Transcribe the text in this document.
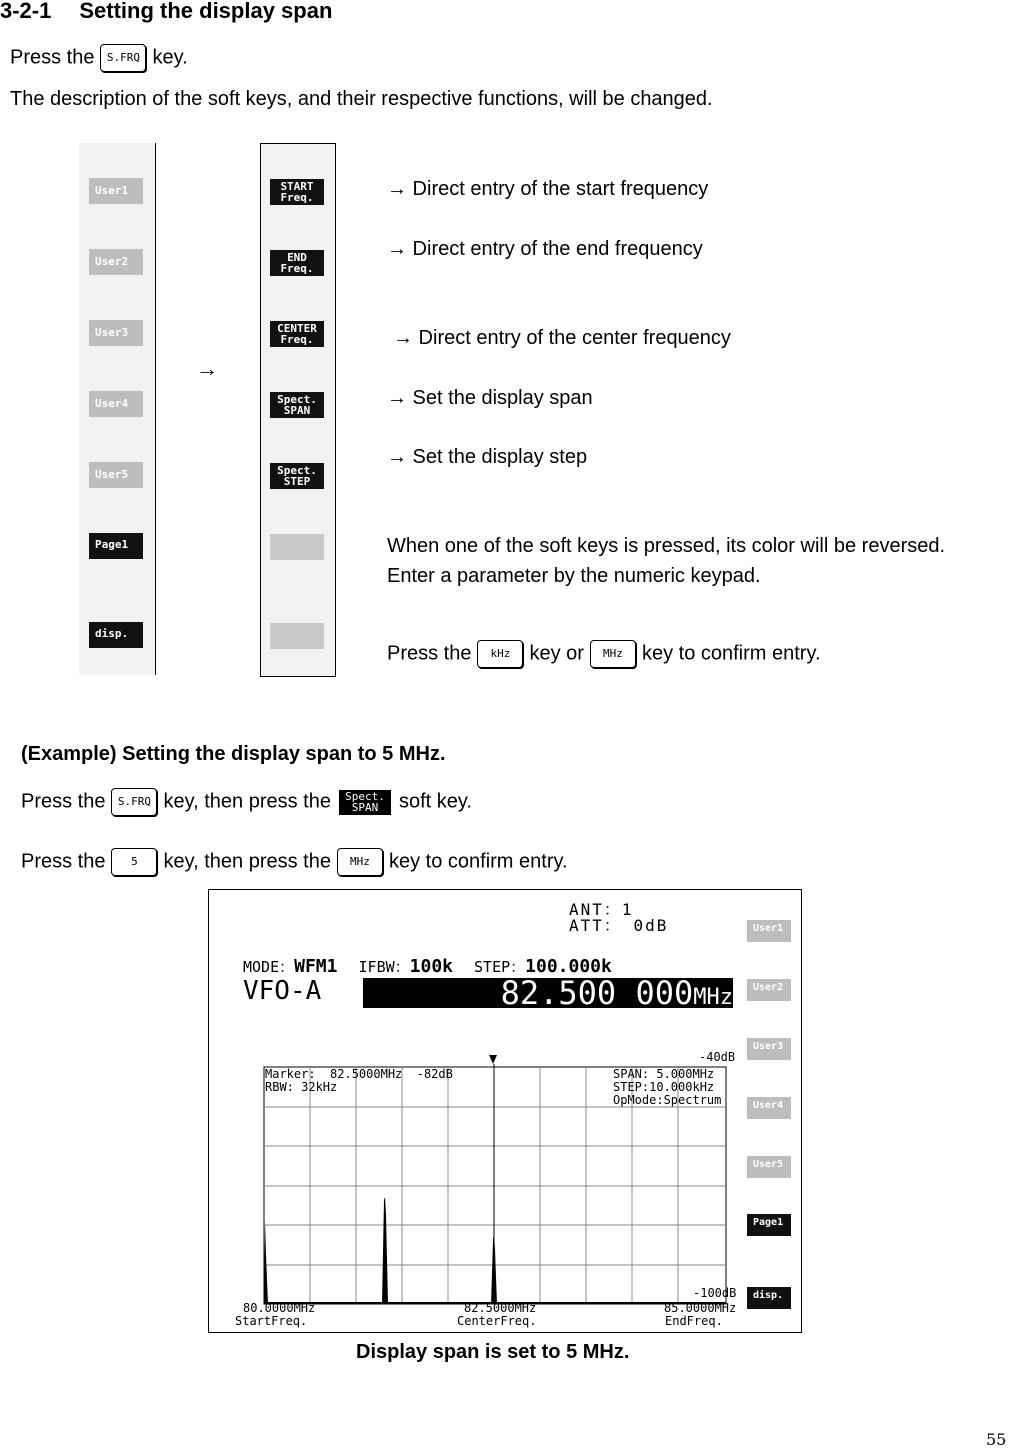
3-2-1 Setting the display span
Press the S.FRQ key.
The description of the soft keys, and their respective functions, will be changed.
User1
User2
User3
User4
User5
Page1
disp.
→
START
Freq.
END
Freq.
CENTER
Freq.
Spect.
SPAN
Spect.
STEP
→ Direct entry of the start frequency
→ Direct entry of the end frequency
→ Direct entry of the center frequency
→ Set the display span
→ Set the display step
When one of the soft keys is pressed, its color will be reversed.
Enter a parameter by the numeric keypad.
Press the kHz key or MHz key to confirm entry.
(Example) Setting the display span to 5 MHz.
Press the S.FRQ key, then press the Spect.
SPAN soft key.
Press the 5 key, then press the MHz key to confirm entry.
ANT：1
ATT： 0dB
MODE：WFM1 IFBW：100k STEP：100.000k
VFO-A	82.500 000MHz
-40dB
Marker:  82.5000MHz  -82dB
RBW: 32kHz
SPAN: 5.000MHz
STEP:10.000kHz
OpMode:Spectrum
-100dB
80.0000MHz
StartFreq.
82.5000MHz
CenterFreq.
85.0000MHz
EndFreq.
User1
User2
User3
User4
User5
Page1
disp.
Display span is set to 5 MHz.
55
